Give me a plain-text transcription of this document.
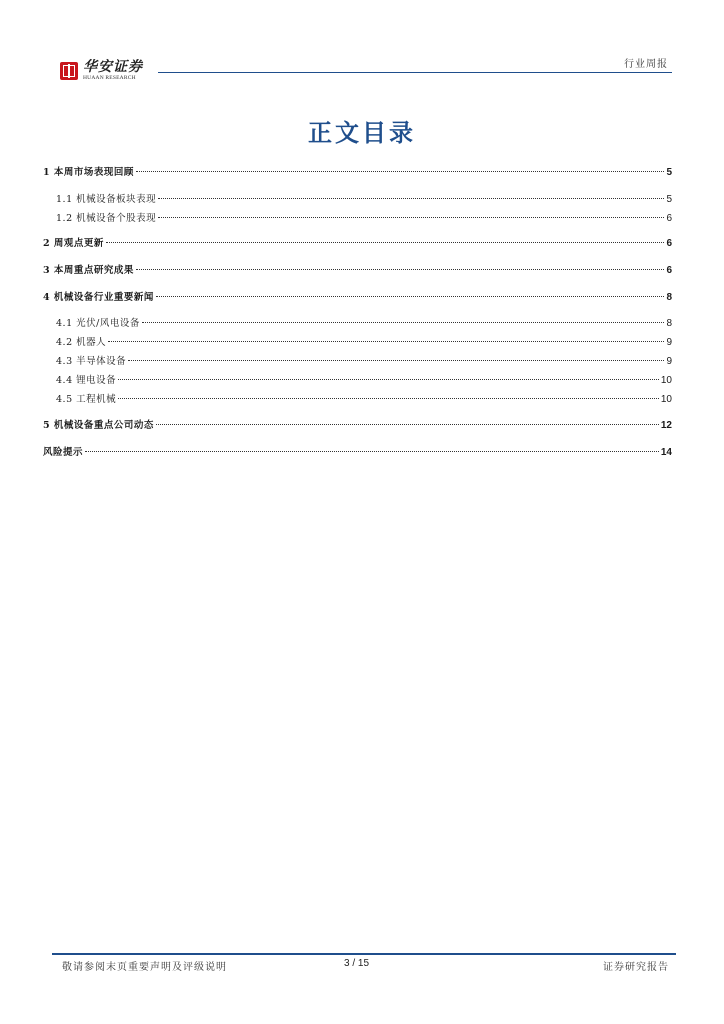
华安证券
HUAAN RESEARCH
行业周报
正文目录
1 本周市场表现回顾	5
1.1 机械设备板块表现	5
1.2 机械设备个股表现	6
2 周观点更新	6
3 本周重点研究成果	6
4 机械设备行业重要新闻	8
4.1 光伏/风电设备	8
4.2 机器人	9
4.3 半导体设备	9
4.4 锂电设备	10
4.5 工程机械	10
5 机械设备重点公司动态	12
风险提示	14
敬请参阅末页重要声明及评级说明	3 / 15	证券研究报告
